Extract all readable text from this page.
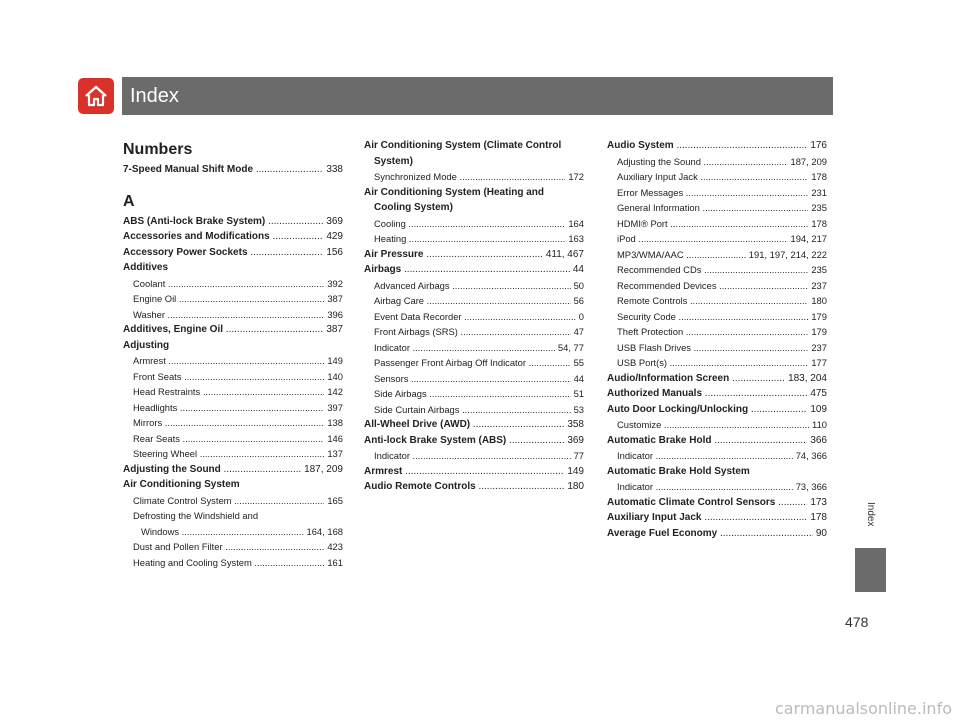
Index
Index
478
Numbers
7-Speed Manual Shift Mode .....	338
A
ABS (Anti-lock Brake System) .....	369
Accessories and Modifications .....	429
Accessory Power Sockets .....	156
Additives
Coolant .....	392
Engine Oil .....	387
Washer .....	396
Additives, Engine Oil .....	387
Adjusting
Armrest .....	149
Front Seats .....	140
Head Restraints .....	142
Headlights .....	397
Mirrors .....	138
Rear Seats .....	146
Steering Wheel .....	137
Adjusting the Sound .....	187, 209
Air Conditioning System
Climate Control System .....	165
Defrosting the Windshield and
Windows .....	164, 168
Dust and Pollen Filter .....	423
Heating and Cooling System .....	161
Air Conditioning System (Climate Control
System)
Synchronized Mode .....	172
Air Conditioning System (Heating and
Cooling System)
Cooling .....	164
Heating .....	163
Air Pressure .....	411, 467
Airbags .....	44
Advanced Airbags .....	50
Airbag Care .....	56
Event Data Recorder .....	0
Front Airbags (SRS) .....	47
Indicator .....	54, 77
Passenger Front Airbag Off Indicator .....	55
Sensors .....	44
Side Airbags .....	51
Side Curtain Airbags .....	53
All-Wheel Drive (AWD) .....	358
Anti-lock Brake System (ABS) .....	369
Indicator .....	77
Armrest .....	149
Audio Remote Controls .....	180
Audio System .....	176
Adjusting the Sound .....	187, 209
Auxiliary Input Jack .....	178
Error Messages .....	231
General Information .....	235
HDMI® Port .....	178
iPod .....	194, 217
MP3/WMA/AAC .....	191, 197, 214, 222
Recommended CDs .....	235
Recommended Devices .....	237
Remote Controls .....	180
Security Code .....	179
Theft Protection .....	179
USB Flash Drives .....	237
USB Port(s) .....	177
Audio/Information Screen .....	183, 204
Authorized Manuals .....	475
Auto Door Locking/Unlocking .....	109
Customize .....	110
Automatic Brake Hold .....	366
Indicator .....	74, 366
Automatic Brake Hold System
Indicator .....	73, 366
Automatic Climate Control Sensors .....	173
Auxiliary Input Jack .....	178
Average Fuel Economy .....	90
carmanualsonline.info
